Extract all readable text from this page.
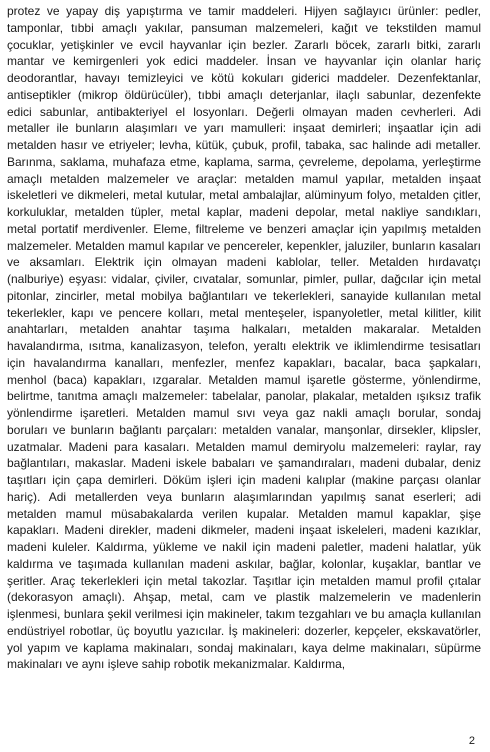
protez ve yapay diş yapıştırma ve tamir maddeleri. Hijyen sağlayıcı ürünler: pedler, tamponlar, tıbbi amaçlı yakılar, pansuman malzemeleri, kağıt ve tekstilden mamul çocuklar, yetişkinler ve evcil hayvanlar için bezler. Zararlı böcek, zararlı bitki, zararlı mantar ve kemirgenleri yok edici maddeler. İnsan ve hayvanlar için olanlar hariç deodorantlar, havayı temizleyici ve kötü kokuları giderici maddeler. Dezenfektanlar, antiseptikler (mikrop öldürücüler), tıbbi amaçlı deterjanlar, ilaçlı sabunlar, dezenfekte edici sabunlar, antibakteriyel el losyonları. Değerli olmayan maden cevherleri. Adi metaller ile bunların alaşımları ve yarı mamulleri: inşaat demirleri; inşaatlar için adi metalden hasır ve etriyeler; levha, kütük, çubuk, profil, tabaka, sac halinde adi metaller. Barınma, saklama, muhafaza etme, kaplama, sarma, çevreleme, depolama, yerleştirme amaçlı metalden malzemeler ve araçlar: metalden mamul yapılar, metalden inşaat iskeletleri ve dikmeleri, metal kutular, metal ambalajlar, alüminyum folyo, metalden çitler, korkuluklar, metalden tüpler, metal kaplar, madeni depolar, metal nakliye sandıkları, metal portatif merdivenler. Eleme, filtreleme ve benzeri amaçlar için yapılmış metalden malzemeler. Metalden mamul kapılar ve pencereler, kepenkler, jaluziler, bunların kasaları ve aksamları. Elektrik için olmayan madeni kablolar, teller. Metalden hırdavatçı (nalburiye) eşyası: vidalar, çiviler, cıvatalar, somunlar, pimler, pullar, dağcılar için metal pitonlar, zincirler, metal mobilya bağlantıları ve tekerlekleri, sanayide kullanılan metal tekerlekler, kapı ve pencere kolları, metal menteşeler, ispanyoletler, metal kilitler, kilit anahtarları, metalden anahtar taşıma halkaları, metalden makaralar. Metalden havalandırma, ısıtma, kanalizasyon, telefon, yeraltı elektrik ve iklimlendirme tesisatları için havalandırma kanalları, menfezler, menfez kapakları, bacalar, baca şapkaları, menhol (baca) kapakları, ızgaralar. Metalden mamul işaretle gösterme, yönlendirme, belirtme, tanıtma amaçlı malzemeler: tabelalar, panolar, plakalar, metalden ışıksız trafik yönlendirme işaretleri. Metalden mamul sıvı veya gaz nakli amaçlı borular, sondaj boruları ve bunların bağlantı parçaları: metalden vanalar, manşonlar, dirsekler, klipsler, uzatmalar. Madeni para kasaları. Metalden mamul demiryolu malzemeleri: raylar, ray bağlantıları, makaslar. Madeni iskele babaları ve şamandıraları, madeni dubalar, deniz taşıtları için çapa demirleri. Döküm işleri için madeni kalıplar (makine parçası olanlar hariç). Adi metallerden veya bunların alaşımlarından yapılmış sanat eserleri; adi metalden mamul müsabakalarda verilen kupalar. Metalden mamul kapaklar, şişe kapakları. Madeni direkler, madeni dikmeler, madeni inşaat iskeleleri, madeni kazıklar, madeni kuleler. Kaldırma, yükleme ve nakil için madeni paletler, madeni halatlar, yük kaldırma ve taşımada kullanılan madeni askılar, bağlar, kolonlar, kuşaklar, bantlar ve şeritler. Araç tekerlekleri için metal takozlar. Taşıtlar için metalden mamul profil çıtalar (dekorasyon amaçlı). Ahşap, metal, cam ve plastik malzemelerin ve madenlerin işlenmesi, bunlara şekil verilmesi için makineler, takım tezgahları ve bu amaçla kullanılan endüstriyel robotlar, üç boyutlu yazıcılar. İş makineleri: dozerler, kepçeler, ekskavatörler, yol yapım ve kaplama makinaları, sondaj makinaları, kaya delme makinaları, süpürme makinaları ve aynı işleve sahip robotik mekanizmalar. Kaldırma,

2
